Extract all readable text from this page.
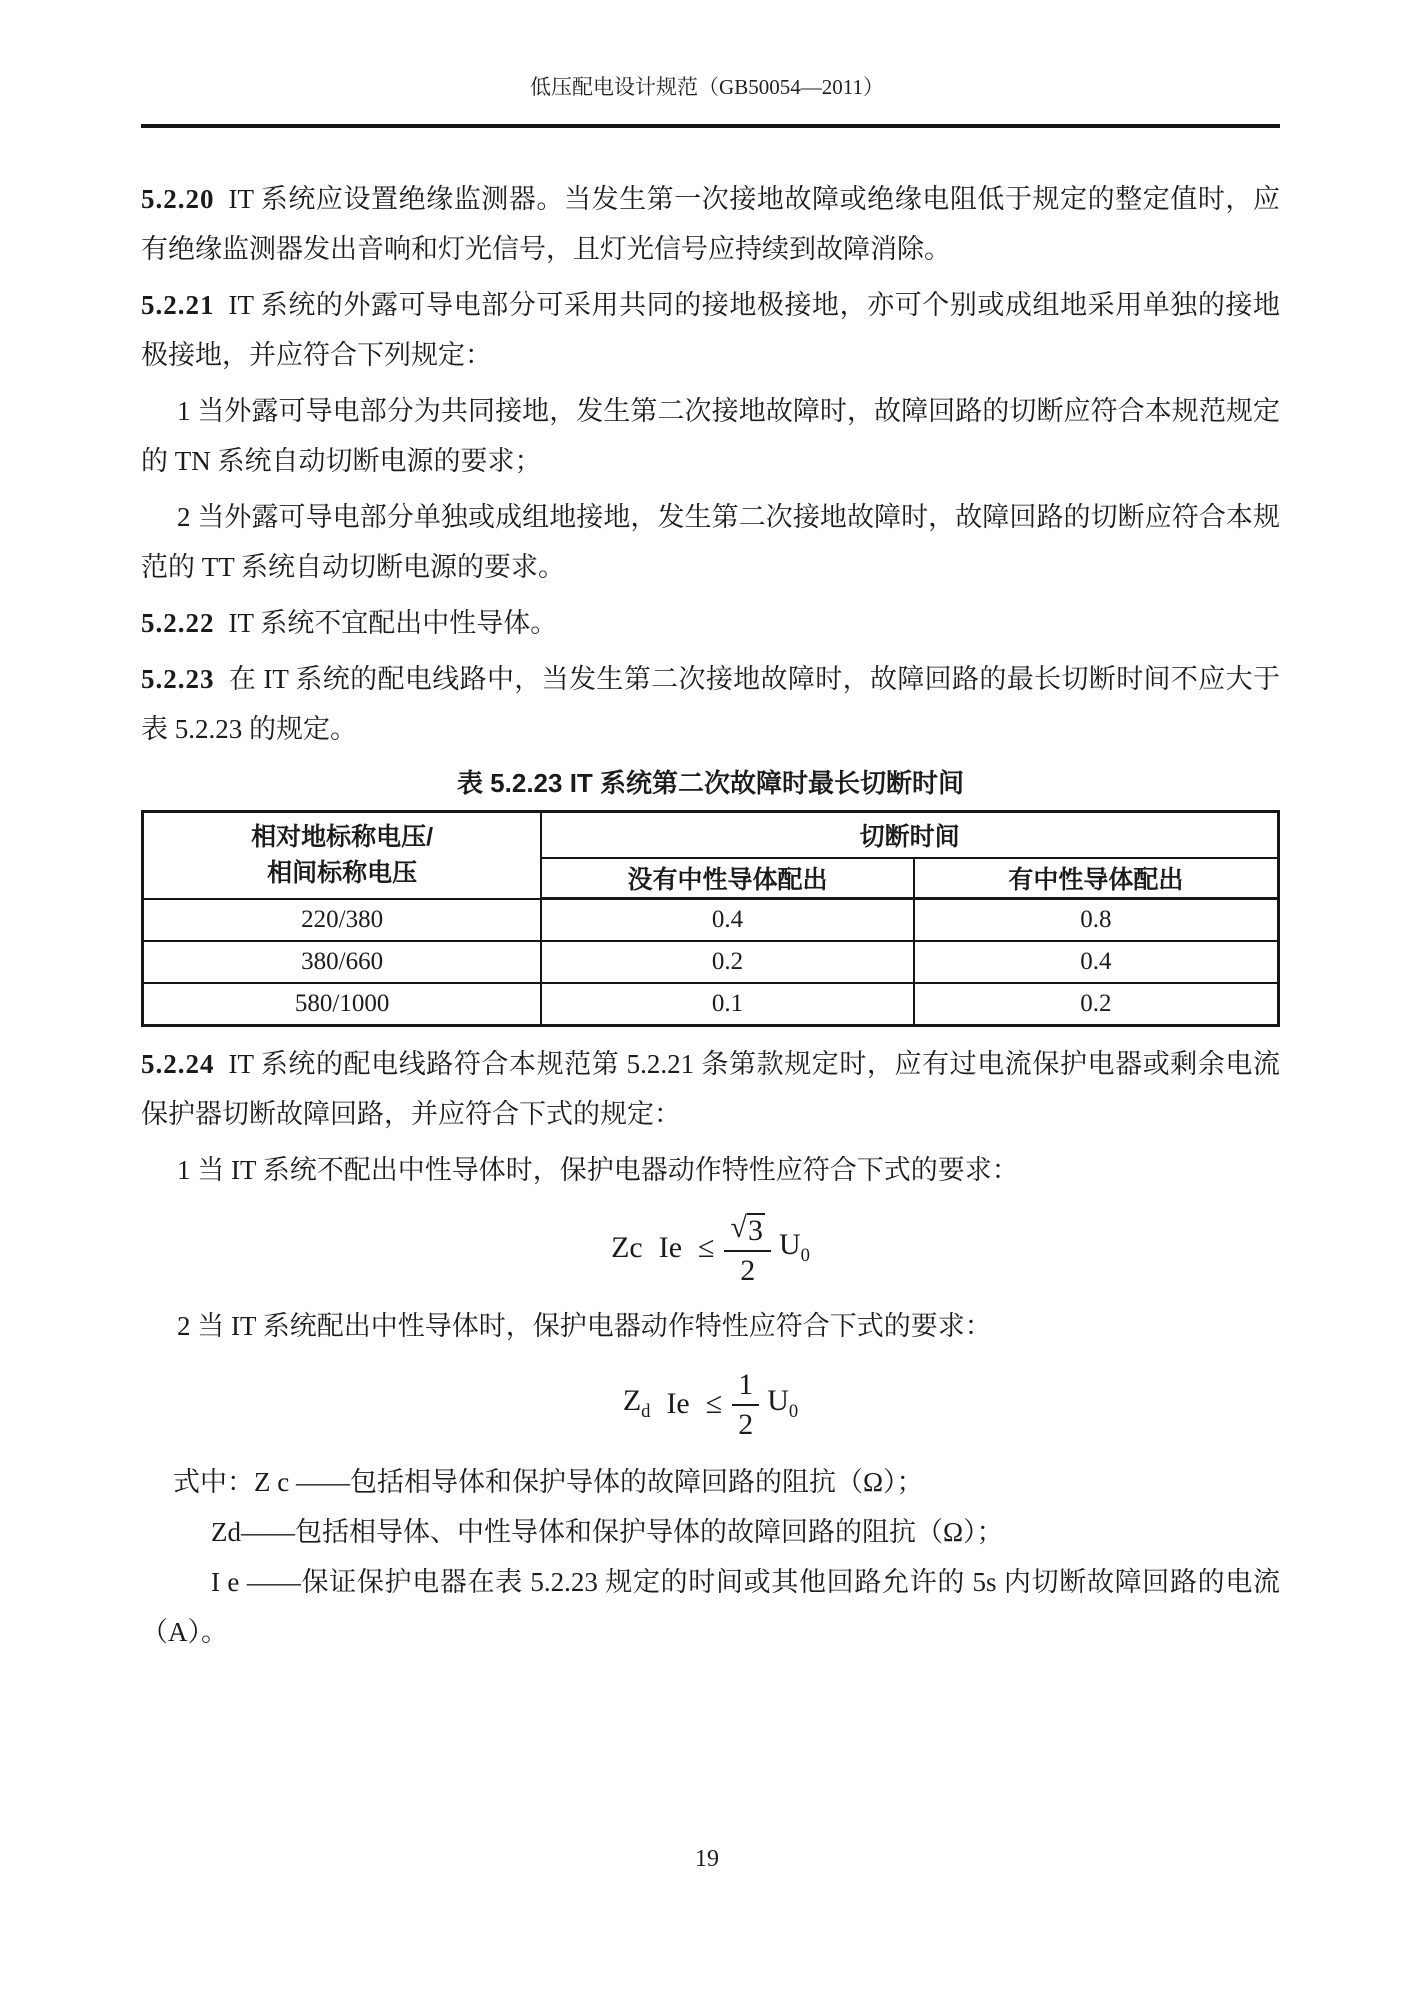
低压配电设计规范（GB50054—2011）

5.2.20 IT 系统应设置绝缘监测器。当发生第一次接地故障或绝缘电阻低于规定的整定值时，应有绝缘监测器发出音响和灯光信号，且灯光信号应持续到故障消除。

5.2.21 IT 系统的外露可导电部分可采用共同的接地极接地，亦可个别或成组地采用单独的接地极接地，并应符合下列规定：

1 当外露可导电部分为共同接地，发生第二次接地故障时，故障回路的切断应符合本规范规定的 TN 系统自动切断电源的要求；

2 当外露可导电部分单独或成组地接地，发生第二次接地故障时，故障回路的切断应符合本规范的 TT 系统自动切断电源的要求。

5.2.22 IT 系统不宜配出中性导体。

5.2.23 在 IT 系统的配电线路中，当发生第二次接地故障时，故障回路的最长切断时间不应大于表 5.2.23 的规定。

表 5.2.23 IT 系统第二次故障时最长切断时间

相对地标称电压/
相间标称电压	切断时间	
	没有中性导体配出	有中性导体配出
220/380	0.4	0.8
380/660	0.2	0.4
580/1000	0.1	0.2

5.2.24 IT 系统的配电线路符合本规范第 5.2.21 条第款规定时，应有过电流保护电器或剩余电流保护器切断故障回路，并应符合下式的规定：

1 当 IT 系统不配出中性导体时，保护电器动作特性应符合下式的要求：

Zc $Ie \le \frac{√ 3}{2} U_0$

2 当 IT 系统配出中性导体时，保护电器动作特性应符合下式的要求：

$Z_d$ $Ie \le \frac{1}{2} U_0$

式中：Z c ——包括相导体和保护导体的故障回路的阻抗（Ω）；

Zd——包括相导体、中性导体和保护导体的故障回路的阻抗（Ω）；

I e ——保证保护电器在表 5.2.23 规定的时间或其他回路允许的 5s 内切断故障回路的电流（A）。

19
